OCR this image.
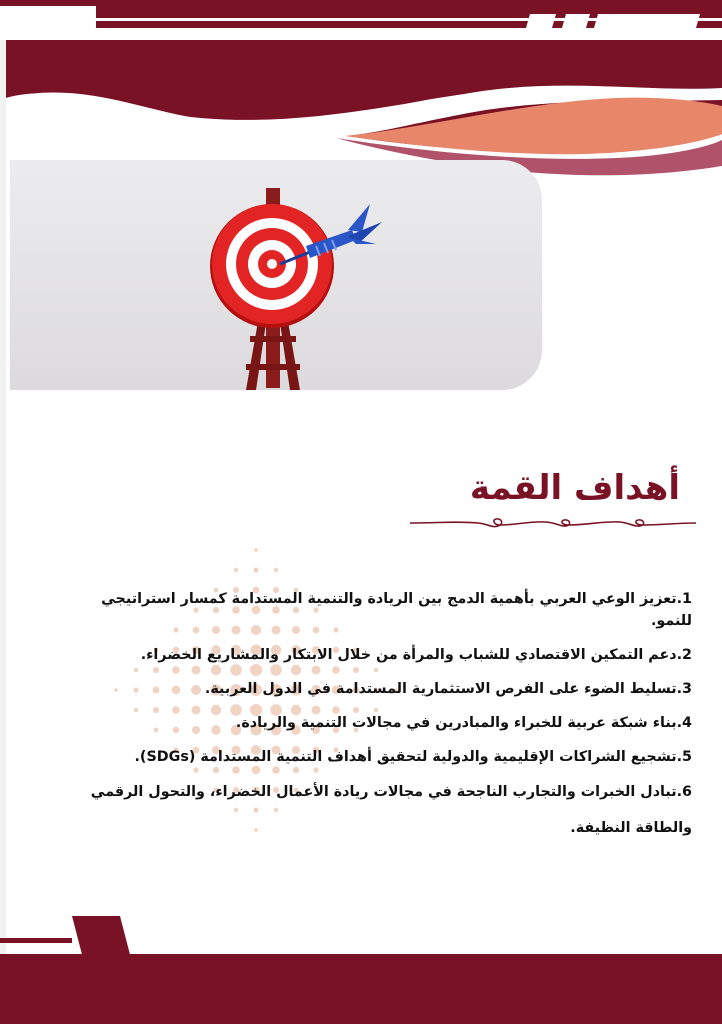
أهداف القمة
1.تعزيز الوعي العربي بأهمية الدمج بين الريادة والتنمية المستدامة كمسار استراتيجي للنمو.
2.دعم التمكين الاقتصادي للشباب والمرأة من خلال الابتكار والمشاريع الخضراء.
3.تسليط الضوء على الفرص الاستثمارية المستدامة في الدول العربية.
4.بناء شبكة عربية للخبراء والمبادرين في مجالات التنمية والريادة.
5.تشجيع الشراكات الإقليمية والدولية لتحقيق أهداف التنمية المستدامة (SDGs).
6.تبادل الخبرات والتجارب الناجحة في مجالات ريادة الأعمال الخضراء، والتحول الرقمي والطاقة النظيفة.
